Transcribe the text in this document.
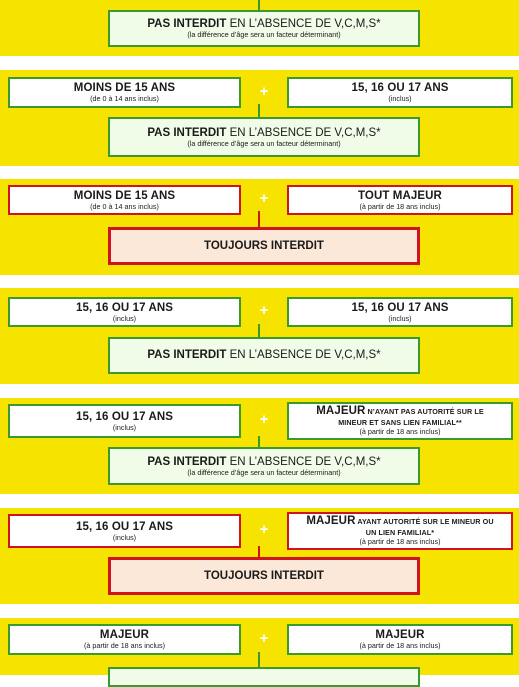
PAS INTERDIT EN L’ABSENCE DE V,C,M,S*
(la différence d’âge sera un facteur déterminant)
MOINS DE 15 ANS
(de 0 à 14 ans inclus)	+	15, 16 OU 17 ANS
(inclus)
PAS INTERDIT EN L’ABSENCE DE V,C,M,S*
(la différence d’âge sera un facteur déterminant)
MOINS DE 15 ANS
(de 0 à 14 ans inclus)	+	TOUT MAJEUR
(à partir de 18 ans inclus)
TOUJOURS INTERDIT
15, 16 OU 17 ANS
(inclus)	+	15, 16 OU 17 ANS
(inclus)
PAS INTERDIT EN L’ABSENCE DE V,C,M,S*
15, 16 OU 17 ANS
(inclus)	+	MAJEUR N’AYANT PAS AUTORITÉ SUR LE MINEUR ET SANS LIEN FAMILIAL**
(à partir de 18 ans inclus)
PAS INTERDIT EN L’ABSENCE DE V,C,M,S*
(la différence d’âge sera un facteur déterminant)
15, 16 OU 17 ANS
(inclus)	+	MAJEUR AYANT AUTORITÉ SUR LE MINEUR OU UN LIEN FAMILIAL*
(à partir de 18 ans inclus)
TOUJOURS INTERDIT
MAJEUR
(à partir de 18 ans inclus)	+	MAJEUR
(à partir de 18 ans inclus)
